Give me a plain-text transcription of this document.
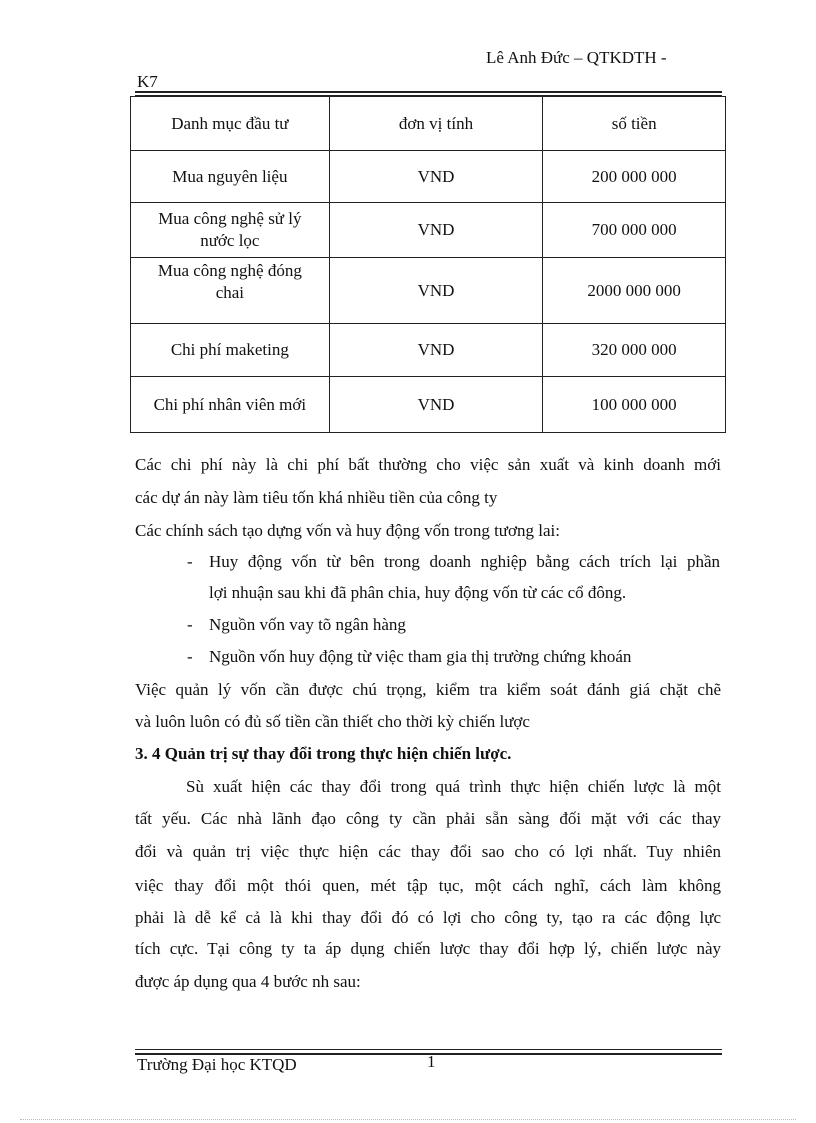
Lê Anh Đức – QTKDTH -
K7
Danh mục đầu tư	đơn vị tính	số tiền
Mua nguyên liệu	VND	200 000 000
Mua công nghệ sử lý
nước lọc	VND	700 000 000
Mua công nghệ đóng
chai	VND	2000 000 000
Chi phí maketing	VND	320 000 000
Chi phí nhân viên mới	VND	100 000 000
Các chi phí này là chi phí bất thường cho việc sản xuất và kinh doanh mới
các dự án này làm tiêu tốn khá nhiều tiền của công ty
Các chính sách tạo dựng vốn và huy động vốn trong tương lai:
- Huy động vốn từ bên trong doanh nghiệp bằng cách trích lại phần
lợi nhuận sau khi đã phân chia, huy động vốn từ các cổ đông.
- Nguồn vốn vay tõ ngân hàng
- Nguồn vốn huy động từ việc tham gia thị trường chứng khoán
Việc quản lý vốn cần được chú trọng, kiểm tra kiểm soát đánh giá chặt chẽ
và luôn luôn có đủ số tiền cần thiết cho thời kỳ chiến lược
3. 4 Quản trị sự thay đổi trong thực hiện chiến lược.
Sù xuất hiện các thay đổi trong quá trình thực hiện chiến lược là một
tất yếu. Các nhà lãnh đạo công ty cần phải sẵn sàng đối mặt với các thay
đổi và quản trị việc thực hiện các thay đổi sao cho có lợi nhất. Tuy nhiên
việc thay đổi một thói quen, mét tập tục, một cách nghĩ, cách làm không
phải là dễ kể cả là khi thay đổi đó có lợi cho công ty, tạo ra các động lực
tích cực. Tại công ty ta áp dụng chiến lược thay đổi hợp lý, chiến lược này
được áp dụng qua 4 bước nh sau:
Trường Đại học KTQD	1
